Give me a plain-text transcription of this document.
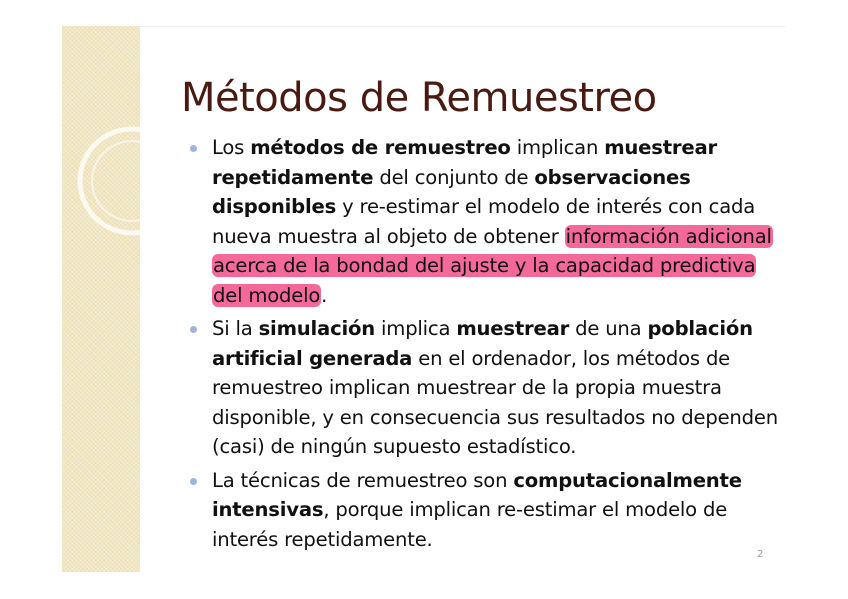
Métodos de Remuestreo
Los métodos de remuestreo implican muestrear repetidamente del conjunto de observaciones disponibles y re-estimar el modelo de interés con cada nueva muestra al objeto de obtener información adicional acerca de la bondad del ajuste y la capacidad predictiva del modelo.
Si la simulación implica muestrear de una población artificial generada en el ordenador, los métodos de remuestreo implican muestrear de la propia muestra disponible, y en consecuencia sus resultados no dependen (casi) de ningún supuesto estadístico.
La técnicas de remuestreo son computacionalmente intensivas, porque implican re-estimar el modelo de interés repetidamente.
2
